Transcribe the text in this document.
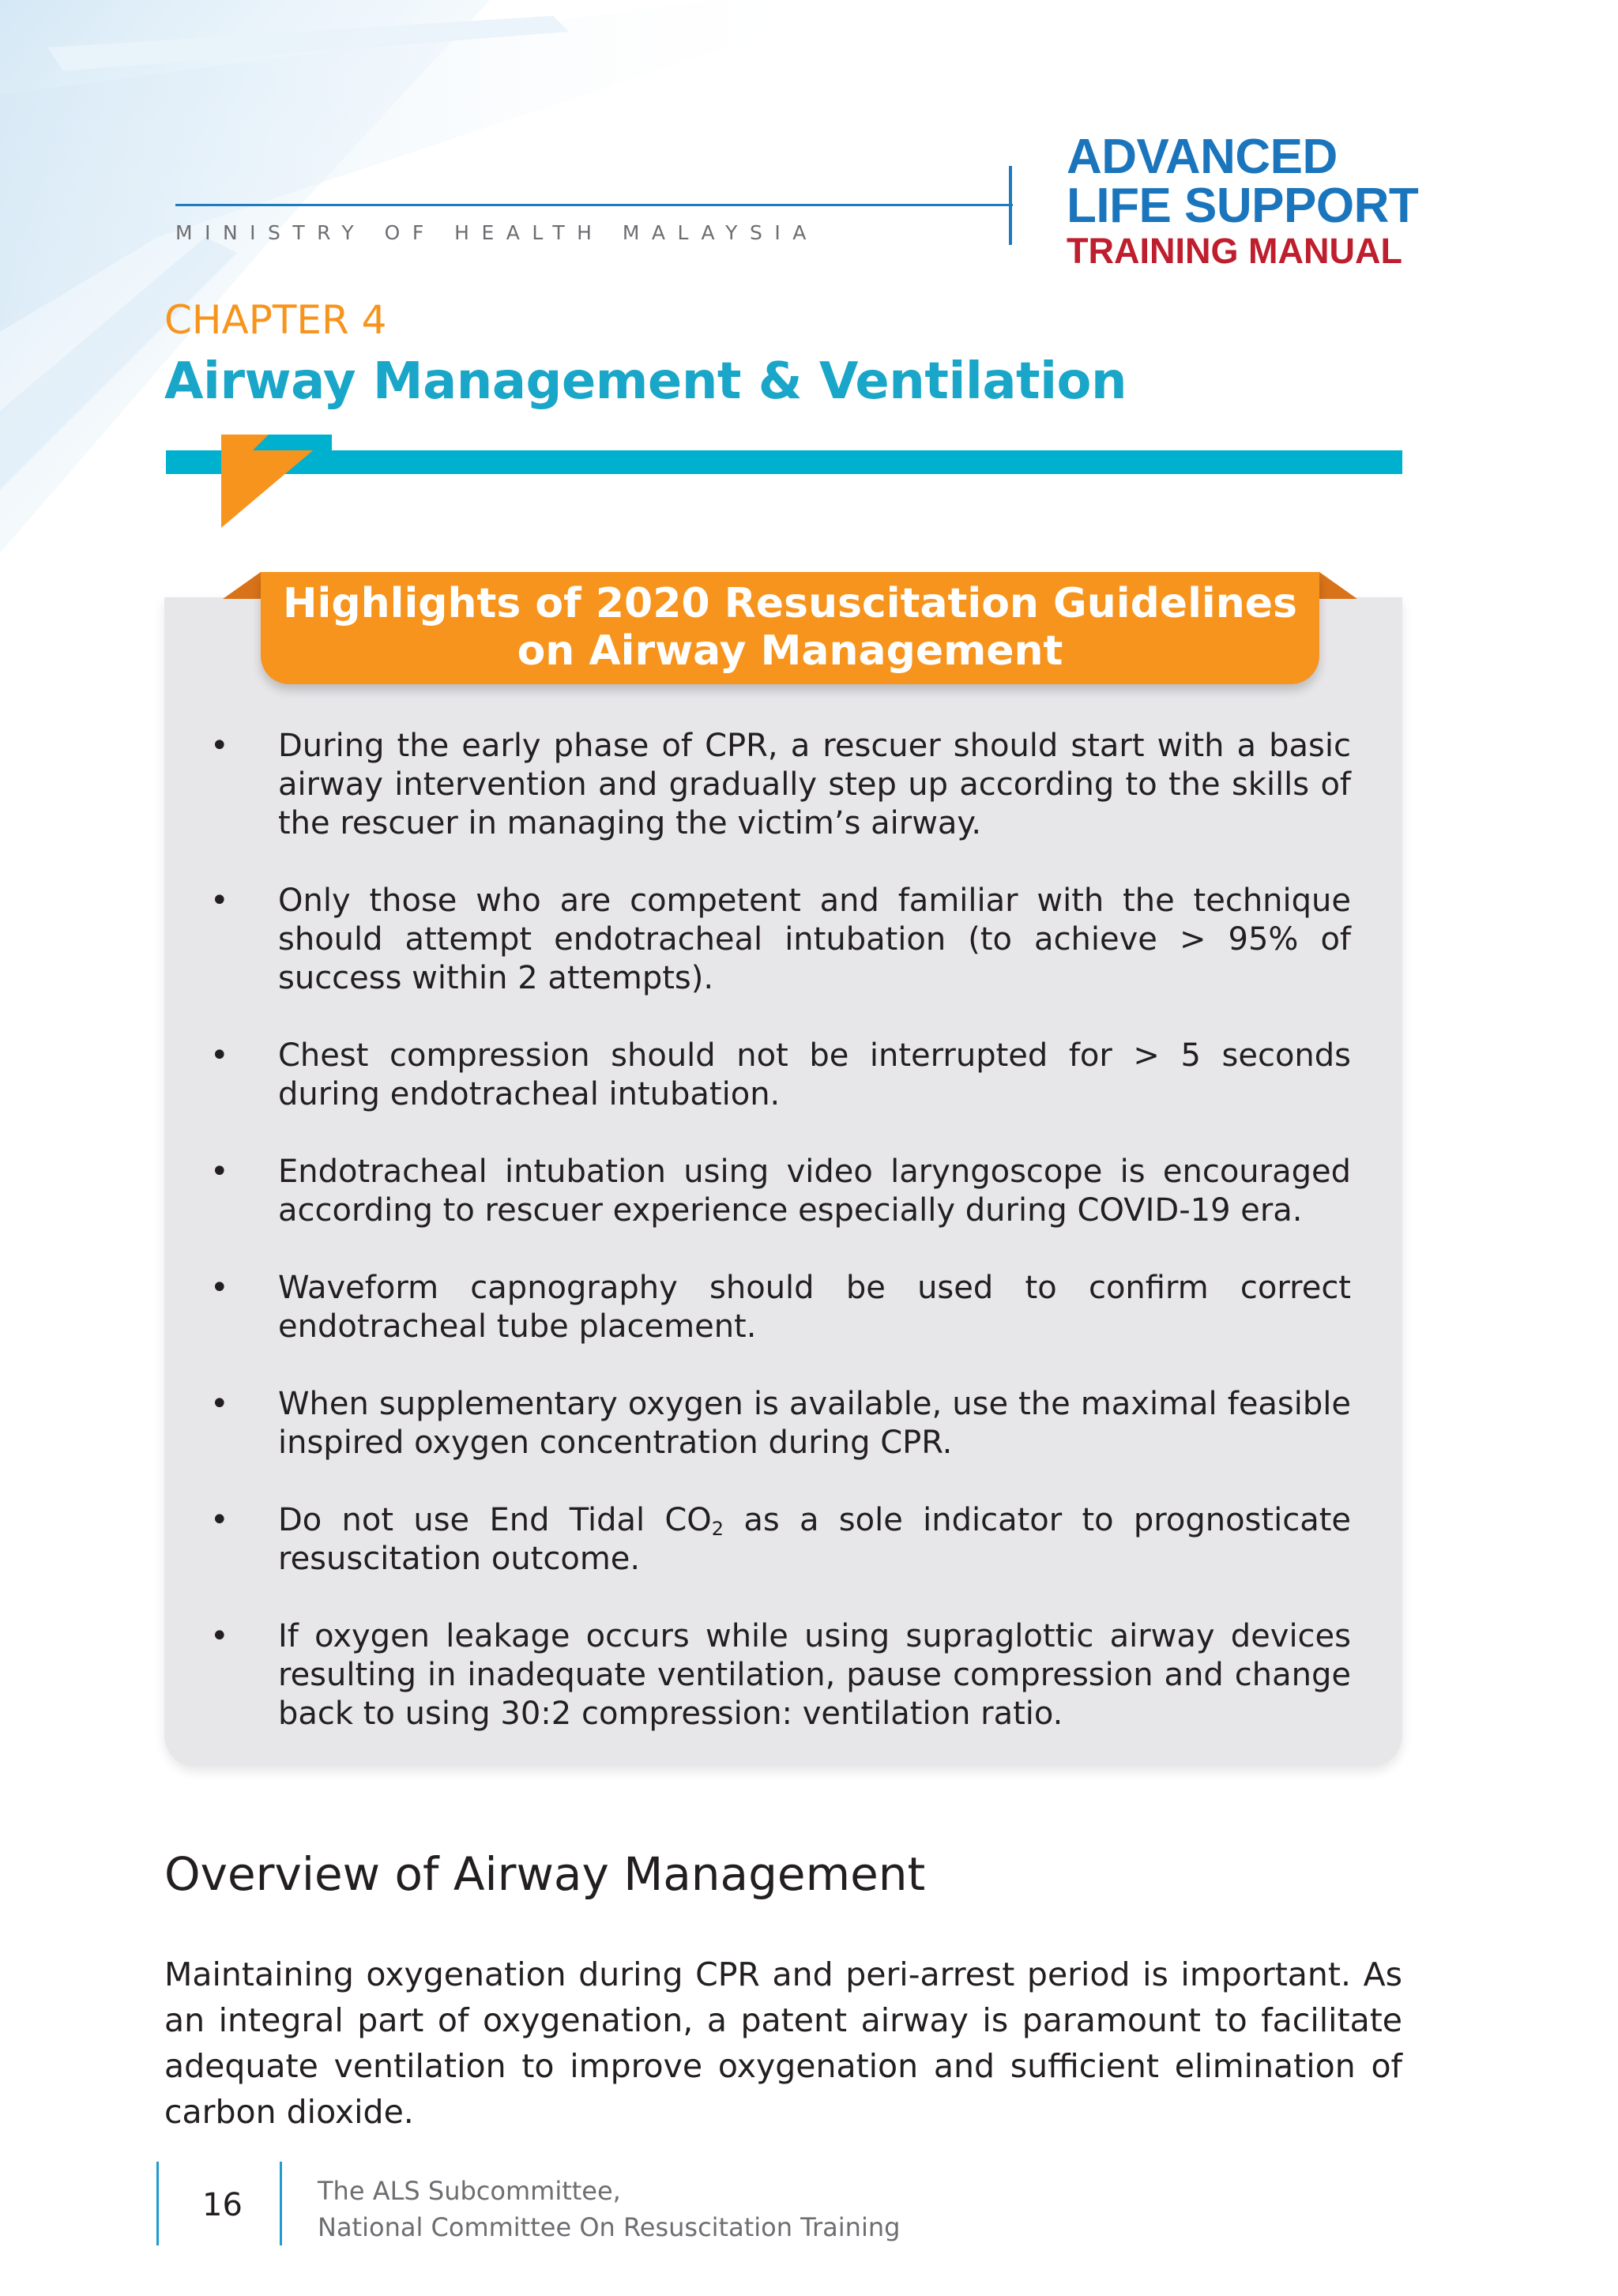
MINISTRY OF HEALTH MALAYSIA
ADVANCED
LIFE SUPPORT
TRAINING MANUAL
CHAPTER 4
Airway Management & Ventilation
Highlights of 2020 Resuscitation Guidelines
on Airway Management
• During the early phase of CPR, a rescuer should start with a basic airway intervention and gradually step up according to the skills of the rescuer in managing the victim’s airway.
• Only those who are competent and familiar with the technique should attempt endotracheal intubation (to achieve > 95% of success within 2 attempts).
• Chest compression should not be interrupted for > 5 seconds during endotracheal intubation.
• Endotracheal intubation using video laryngoscope is encouraged according to rescuer experience especially during COVID-19 era.
• Waveform capnography should be used to confirm correct endotracheal tube placement.
• When supplementary oxygen is available, use the maximal feasible inspired oxygen concentration during CPR.
• Do not use End Tidal $CO_2$ as a sole indicator to prognosticate resuscitation outcome.
• If oxygen leakage occurs while using supraglottic airway devices resulting in inadequate ventilation, pause compression and change back to using 30:2 compression: ventilation ratio.
Overview of Airway Management
Maintaining oxygenation during CPR and peri-arrest period is important. As an integral part of oxygenation, a patent airway is paramount to facilitate adequate ventilation to improve oxygenation and sufficient elimination of carbon dioxide.
16	The ALS Subcommittee,
National Committee On Resuscitation Training
